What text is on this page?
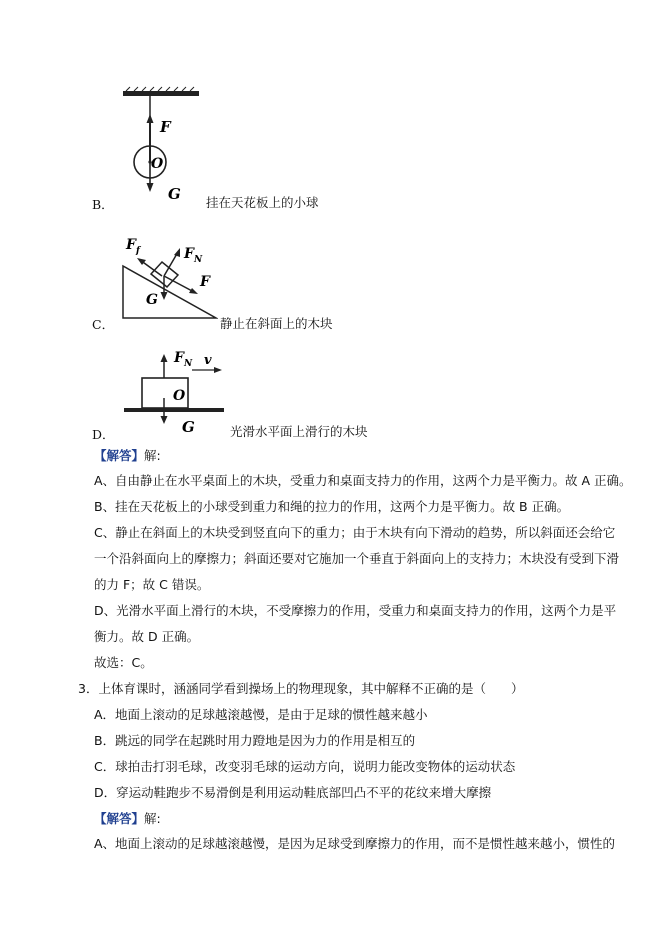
F
O
G
B．	挂在天花板上的小球
$F_f$	$F_N$
F
G
C．	静止在斜面上的木块
$F_N$ v
O
G
D．	光滑水平面上滑行的木块
【解答】解:
A、自由静止在水平桌面上的木块，受重力和桌面支持力的作用，这两个力是平衡力。故 A 正确。
B、挂在天花板上的小球受到重力和绳的拉力的作用，这两个力是平衡力。故 B 正确。
C、静止在斜面上的木块受到竖直向下的重力；由于木块有向下滑动的趋势，所以斜面还会给它
一个沿斜面向上的摩擦力；斜面还要对它施加一个垂直于斜面向上的支持力；木块没有受到下滑
的力 F；故 C 错误。
D、光滑水平面上滑行的木块，不受摩擦力的作用，受重力和桌面支持力的作用，这两个力是平
衡力。故 D 正确。
故选：C。
3．上体育课时，涵涵同学看到操场上的物理现象，其中解释不正确的是（　　）
A．地面上滚动的足球越滚越慢，是由于足球的惯性越来越小
B．跳远的同学在起跳时用力蹬地是因为力的作用是相互的
C．球拍击打羽毛球，改变羽毛球的运动方向，说明力能改变物体的运动状态
D．穿运动鞋跑步不易滑倒是利用运动鞋底部凹凸不平的花纹来增大摩擦
【解答】解:
A、地面上滚动的足球越滚越慢，是因为足球受到摩擦力的作用，而不是惯性越来越小，惯性的
